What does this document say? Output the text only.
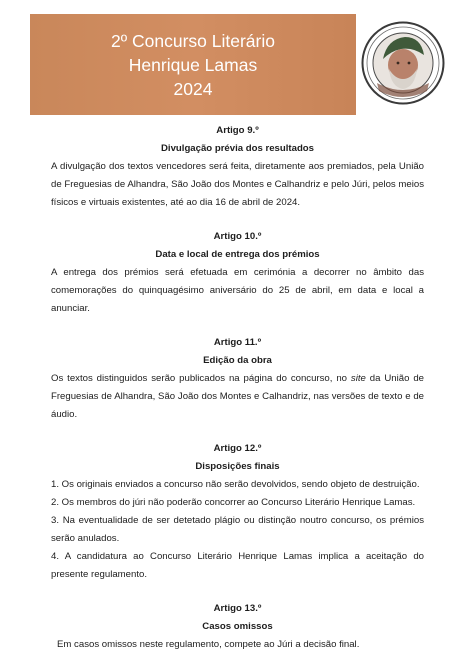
2º Concurso Literário
Henrique Lamas
2024
Artigo 9.º
Divulgação prévia dos resultados

A divulgação dos textos vencedores será feita, diretamente aos premiados, pela União de Freguesias de Alhandra, São João dos Montes e Calhandriz e pelo Júri, pelos meios físicos e virtuais existentes, até ao dia 16 de abril de 2024.

Artigo 10.º
Data e local de entrega dos prémios

A entrega dos prémios será efetuada em cerimónia a decorrer no âmbito das comemorações do quinquagésimo aniversário do 25 de abril, em data e local a anunciar.

Artigo 11.º
Edição da obra

Os textos distinguidos serão publicados na página do concurso, no site da União de Freguesias de Alhandra, São João dos Montes e Calhandriz, nas versões de texto e de áudio.

Artigo 12.º
Disposições finais

1. Os originais enviados a concurso não serão devolvidos, sendo objeto de destruição.

2. Os membros do júri não poderão concorrer ao Concurso Literário Henrique Lamas.

3. Na eventualidade de ser detetado plágio ou distinção noutro concurso, os prémios serão anulados.

4. A candidatura ao Concurso Literário Henrique Lamas implica a aceitação do presente regulamento.

Artigo 13.º
Casos omissos

Em casos omissos neste regulamento, compete ao Júri a decisão final.
